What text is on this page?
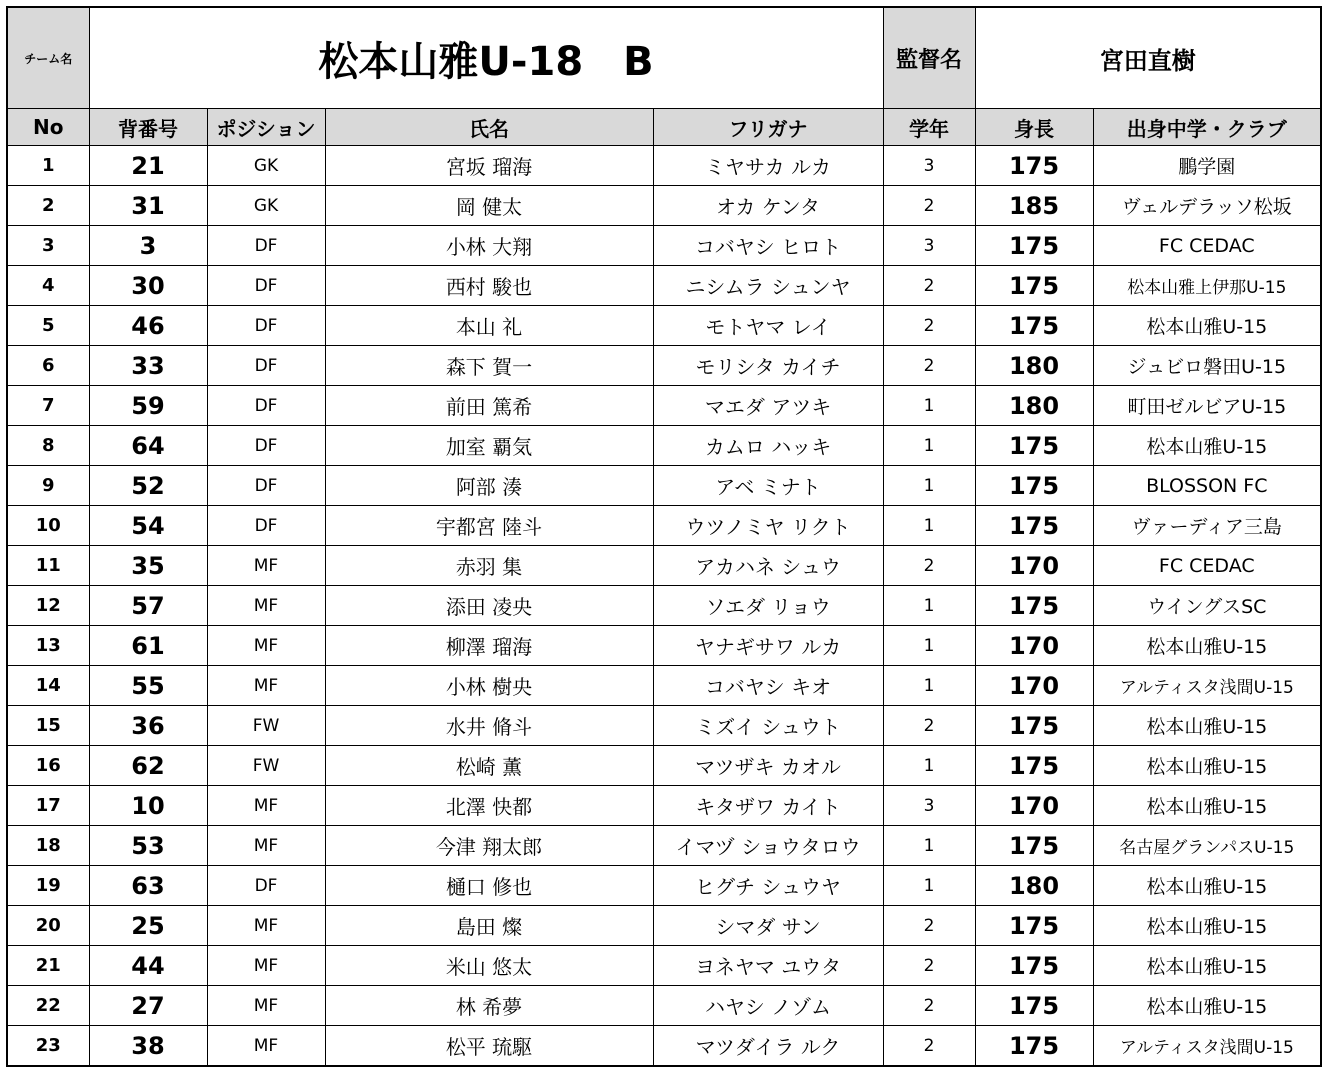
チーム名	松本山雅U-18　B				監督名	宮田直樹	
No	背番号	ポジション	氏名	フリガナ	学年	身長	出身中学・クラブ
1	21	GK	宮坂 瑠海	ミヤサカ ルカ	3	175	鵬学園
2	31	GK	岡 健太	オカ ケンタ	2	185	ヴェルデラッソ松坂
3	3	DF	小林 大翔	コバヤシ ヒロト	3	175	FC CEDAC
4	30	DF	西村 駿也	ニシムラ シュンヤ	2	175	松本山雅上伊那U-15
5	46	DF	本山 礼	モトヤマ レイ	2	175	松本山雅U-15
6	33	DF	森下 賀一	モリシタ カイチ	2	180	ジュビロ磐田U-15
7	59	DF	前田 篤希	マエダ アツキ	1	180	町田ゼルビアU-15
8	64	DF	加室 覇気	カムロ ハッキ	1	175	松本山雅U-15
9	52	DF	阿部 湊	アベ ミナト	1	175	BLOSSON FC
10	54	DF	宇都宮 陸斗	ウツノミヤ リクト	1	175	ヴァーディア三島
11	35	MF	赤羽 集	アカハネ シュウ	2	170	FC CEDAC
12	57	MF	添田 凌央	ソエダ リョウ	1	175	ウイングスSC
13	61	MF	柳澤 瑠海	ヤナギサワ ルカ	1	170	松本山雅U-15
14	55	MF	小林 樹央	コバヤシ キオ	1	170	アルティスタ浅間U-15
15	36	FW	水井 脩斗	ミズイ シュウト	2	175	松本山雅U-15
16	62	FW	松崎 薫	マツザキ カオル	1	175	松本山雅U-15
17	10	MF	北澤 快都	キタザワ カイト	3	170	松本山雅U-15
18	53	MF	今津 翔太郎	イマヅ ショウタロウ	1	175	名古屋グランパスU-15
19	63	DF	樋口 修也	ヒグチ シュウヤ	1	180	松本山雅U-15
20	25	MF	島田 燦	シマダ サン	2	175	松本山雅U-15
21	44	MF	米山 悠太	ヨネヤマ ユウタ	2	175	松本山雅U-15
22	27	MF	林 希夢	ハヤシ ノゾム	2	175	松本山雅U-15
23	38	MF	松平 琉駆	マツダイラ ルク	2	175	アルティスタ浅間U-15
